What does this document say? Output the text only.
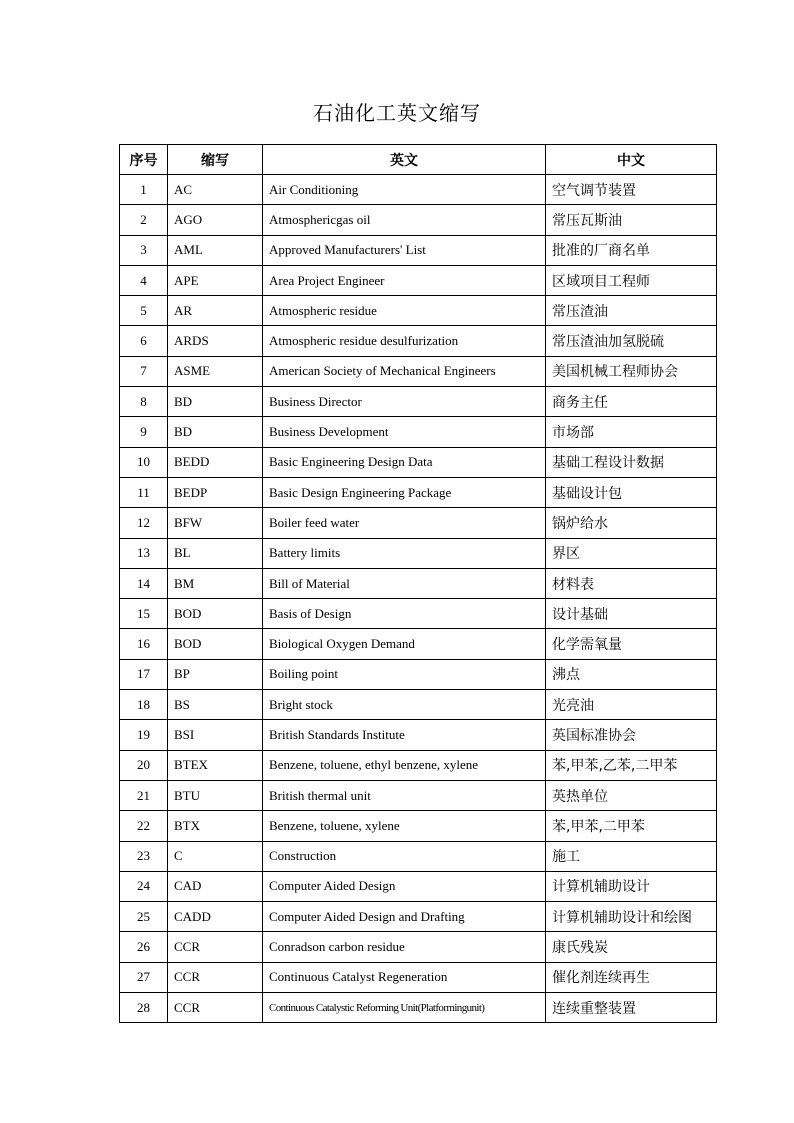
石油化工英文缩写
序号	缩写	英文	中文
1	AC	Air Conditioning	空气调节装置
2	AGO	Atmosphericgas oil	常压瓦斯油
3	AML	Approved Manufacturers' List	批准的厂商名单
4	APE	Area Project Engineer	区域项目工程师
5	AR	Atmospheric residue	常压渣油
6	ARDS	Atmospheric residue desulfurization	常压渣油加氢脱硫
7	ASME	American Society of Mechanical Engineers	美国机械工程师协会
8	BD	Business Director	商务主任
9	BD	Business Development	市场部
10	BEDD	Basic Engineering Design Data	基础工程设计数据
11	BEDP	Basic Design Engineering Package	基础设计包
12	BFW	Boiler feed water	锅炉给水
13	BL	Battery limits	界区
14	BM	Bill of Material	材料表
15	BOD	Basis of Design	设计基础
16	BOD	Biological Oxygen Demand	化学需氧量
17	BP	Boiling point	沸点
18	BS	Bright stock	光亮油
19	BSI	British Standards Institute	英国标准协会
20	BTEX	Benzene, toluene, ethyl benzene, xylene	苯,甲苯,乙苯,二甲苯
21	BTU	British thermal unit	英热单位
22	BTX	Benzene, toluene, xylene	苯,甲苯,二甲苯
23	C	Construction	施工
24	CAD	Computer Aided Design	计算机辅助设计
25	CADD	Computer Aided Design and Drafting	计算机辅助设计和绘图
26	CCR	Conradson carbon residue	康氏残炭
27	CCR	Continuous Catalyst Regeneration	催化剂连续再生
28	CCR	Continuous Catalystic Reforming Unit(Platformingunit)	连续重整装置
